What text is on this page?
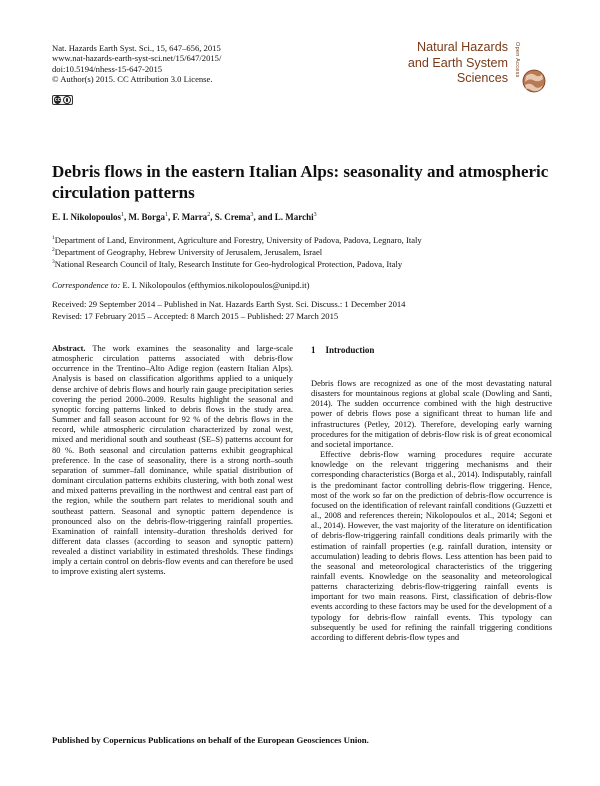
Nat. Hazards Earth Syst. Sci., 15, 647–656, 2015
www.nat-hazards-earth-syst-sci.net/15/647/2015/
doi:10.5194/nhess-15-647-2015
© Author(s) 2015. CC Attribution 3.0 License.
cc
Natural Hazards
and Earth System
Sciences
Open Access
Debris flows in the eastern Italian Alps: seasonality and atmospheric
circulation patterns
E. I. Nikolopoulos$^1$, M. Borga$^1$, F. Marra$^2$, S. Crema$^3$, and L. Marchi$^3$
$^1$Department of Land, Environment, Agriculture and Forestry, University of Padova, Padova, Legnaro, Italy
$^2$Department of Geography, Hebrew University of Jerusalem, Jerusalem, Israel
$^3$National Research Council of Italy, Research Institute for Geo-hydrological Protection, Padova, Italy
Correspondence to: E. I. Nikolopoulos (efthymios.nikolopoulos@unipd.it)
Received: 29 September 2014 – Published in Nat. Hazards Earth Syst. Sci. Discuss.: 1 December 2014
Revised: 17 February 2015 – Accepted: 8 March 2015 – Published: 27 March 2015

Abstract. The work examines the seasonality and large-scale atmospheric circulation patterns associated with debris-flow occurrence in the Trentino–Alto Adige region (eastern Italian Alps). Analysis is based on classification algorithms applied to a uniquely dense archive of debris flows and hourly rain gauge precipitation series covering the period 2000–2009. Results highlight the seasonal and synoptic forcing patterns linked to debris flows in the study area. Summer and fall season account for 92 % of the debris flows in the record, while atmospheric circulation characterized by zonal west, mixed and meridional south and southeast (SE–S) patterns account for 80 %. Both seasonal and circulation patterns exhibit geographical preference. In the case of seasonality, there is a strong north–south separation of summer–fall dominance, while spatial distribution of dominant circulation patterns exhibits clustering, with both zonal west and mixed patterns prevailing in the northwest and central east part of the region, while the southern part relates to meridional south and southeast pattern. Seasonal and synoptic pattern dependence is pronounced also on the debris-flow-triggering rainfall properties. Examination of rainfall intensity–duration thresholds derived for different data classes (according to season and synoptic pattern) revealed a distinct variability in estimated thresholds. These findings imply a certain control on debris-flow events and can therefore be used to improve existing alert systems.

1 Introduction

Debris flows are recognized as one of the most devastating natural disasters for mountainous regions at global scale (Dowling and Santi, 2014). The sudden occurrence combined with the high destructive power of debris flows pose a significant threat to human life and infrastructures (Petley, 2012). Therefore, developing early warning procedures for the mitigation of debris-flow risk is of great economical and societal importance.

Effective debris-flow warning procedures require accurate knowledge on the relevant triggering mechanisms and their corresponding characteristics (Borga et al., 2014). Indisputably, rainfall is the predominant factor controlling debris-flow triggering. Hence, most of the work so far on the prediction of debris-flow occurrence is focused on the identification of relevant rainfall conditions (Guzzetti et al., 2008 and references therein; Nikolopoulos et al., 2014; Segoni et al., 2014). However, the vast majority of the literature on identification of debris-flow-triggering rainfall conditions deals primarily with the estimation of rainfall properties (e.g. rainfall duration, intensity or accumulation) leading to debris flows. Less attention has been paid to the seasonal and meteorological characteristics of the triggering rainfall events. Knowledge on the seasonality and meteorological patterns characterizing debris-flow-triggering rainfall events is important for two main reasons. First, classification of debris-flow events according to these factors may be used for the development of a typology for debris-flow rainfall events. This typology can subsequently be used for refining the rainfall triggering conditions according to different debris-flow types and

Published by Copernicus Publications on behalf of the European Geosciences Union.
